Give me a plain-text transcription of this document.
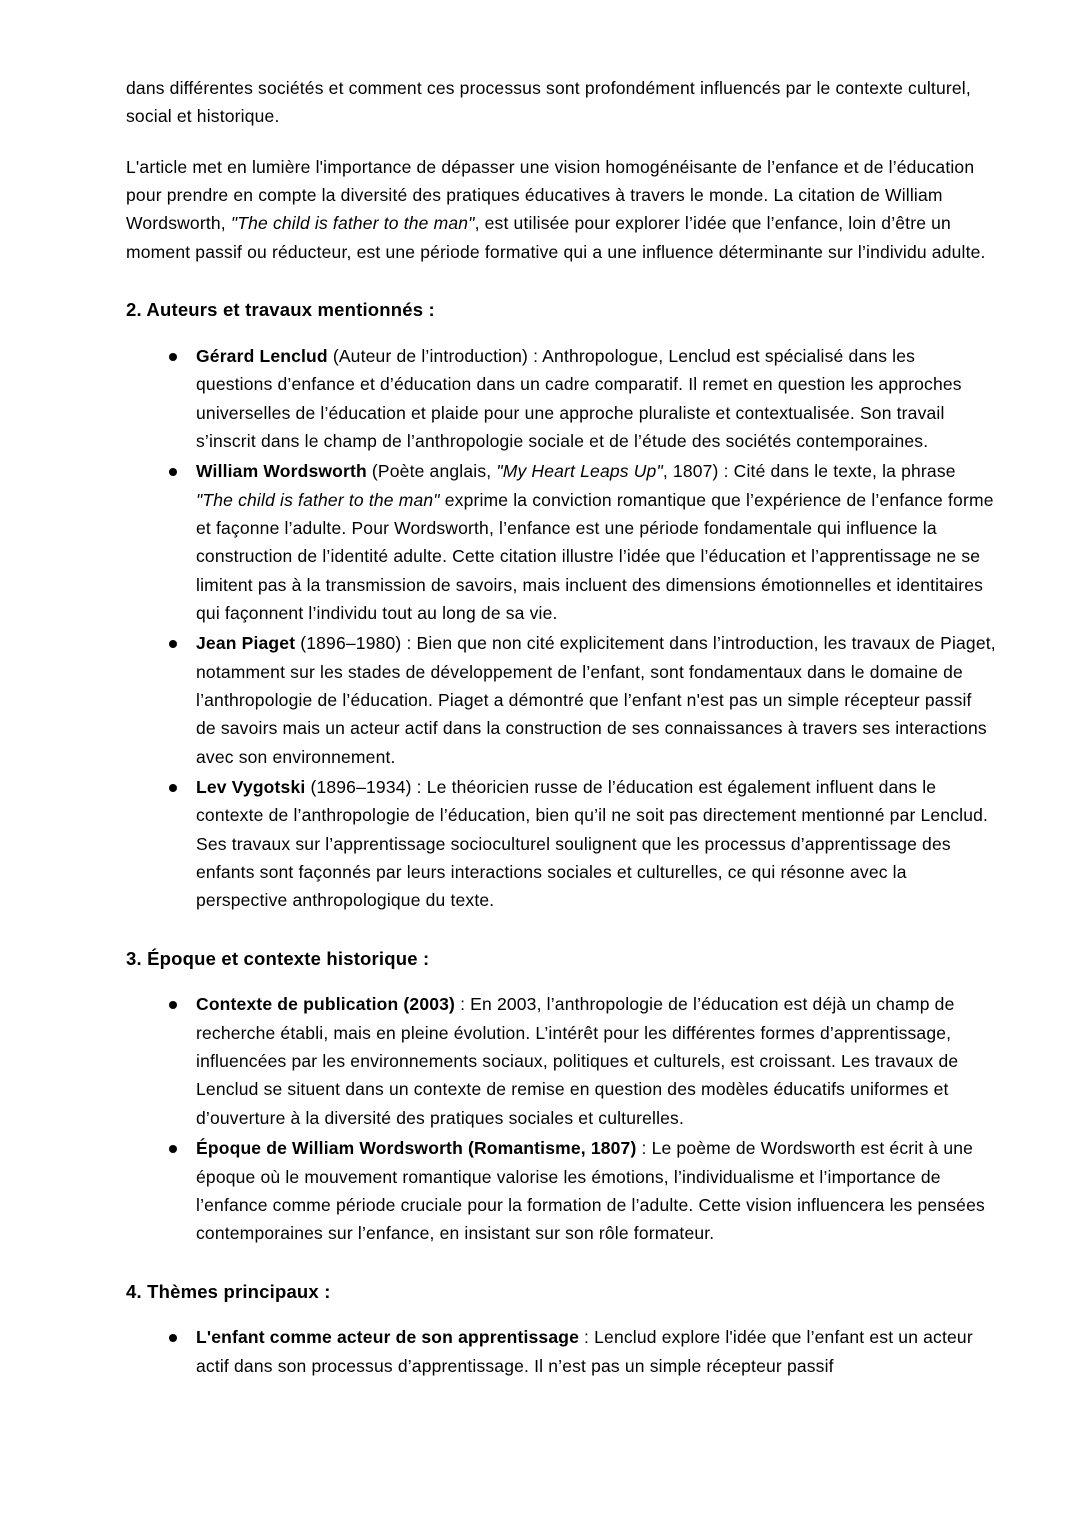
dans différentes sociétés et comment ces processus sont profondément influencés par le contexte culturel, social et historique.

L'article met en lumière l'importance de dépasser une vision homogénéisante de l’enfance et de l’éducation pour prendre en compte la diversité des pratiques éducatives à travers le monde. La citation de William Wordsworth, "The child is father to the man", est utilisée pour explorer l’idée que l’enfance, loin d’être un moment passif ou réducteur, est une période formative qui a une influence déterminante sur l’individu adulte.

2. Auteurs et travaux mentionnés :
Gérard Lenclud (Auteur de l’introduction) : Anthropologue, Lenclud est spécialisé dans les questions d’enfance et d’éducation dans un cadre comparatif. Il remet en question les approches universelles de l’éducation et plaide pour une approche pluraliste et contextualisée. Son travail s’inscrit dans le champ de l’anthropologie sociale et de l’étude des sociétés contemporaines.
William Wordsworth (Poète anglais, "My Heart Leaps Up", 1807) : Cité dans le texte, la phrase "The child is father to the man" exprime la conviction romantique que l’expérience de l’enfance forme et façonne l’adulte. Pour Wordsworth, l’enfance est une période fondamentale qui influence la construction de l’identité adulte. Cette citation illustre l’idée que l’éducation et l’apprentissage ne se limitent pas à la transmission de savoirs, mais incluent des dimensions émotionnelles et identitaires qui façonnent l’individu tout au long de sa vie.
Jean Piaget (1896–1980) : Bien que non cité explicitement dans l’introduction, les travaux de Piaget, notamment sur les stades de développement de l’enfant, sont fondamentaux dans le domaine de l’anthropologie de l’éducation. Piaget a démontré que l’enfant n'est pas un simple récepteur passif de savoirs mais un acteur actif dans la construction de ses connaissances à travers ses interactions avec son environnement.
Lev Vygotski (1896–1934) : Le théoricien russe de l’éducation est également influent dans le contexte de l’anthropologie de l’éducation, bien qu’il ne soit pas directement mentionné par Lenclud. Ses travaux sur l’apprentissage socioculturel soulignent que les processus d’apprentissage des enfants sont façonnés par leurs interactions sociales et culturelles, ce qui résonne avec la perspective anthropologique du texte.
3. Époque et contexte historique :
Contexte de publication (2003) : En 2003, l’anthropologie de l’éducation est déjà un champ de recherche établi, mais en pleine évolution. L’intérêt pour les différentes formes d’apprentissage, influencées par les environnements sociaux, politiques et culturels, est croissant. Les travaux de Lenclud se situent dans un contexte de remise en question des modèles éducatifs uniformes et d’ouverture à la diversité des pratiques sociales et culturelles.
Époque de William Wordsworth (Romantisme, 1807) : Le poème de Wordsworth est écrit à une époque où le mouvement romantique valorise les émotions, l’individualisme et l’importance de l’enfance comme période cruciale pour la formation de l’adulte. Cette vision influencera les pensées contemporaines sur l’enfance, en insistant sur son rôle formateur.
4. Thèmes principaux :
L'enfant comme acteur de son apprentissage : Lenclud explore l'idée que l’enfant est un acteur actif dans son processus d’apprentissage. Il n’est pas un simple récepteur passif
